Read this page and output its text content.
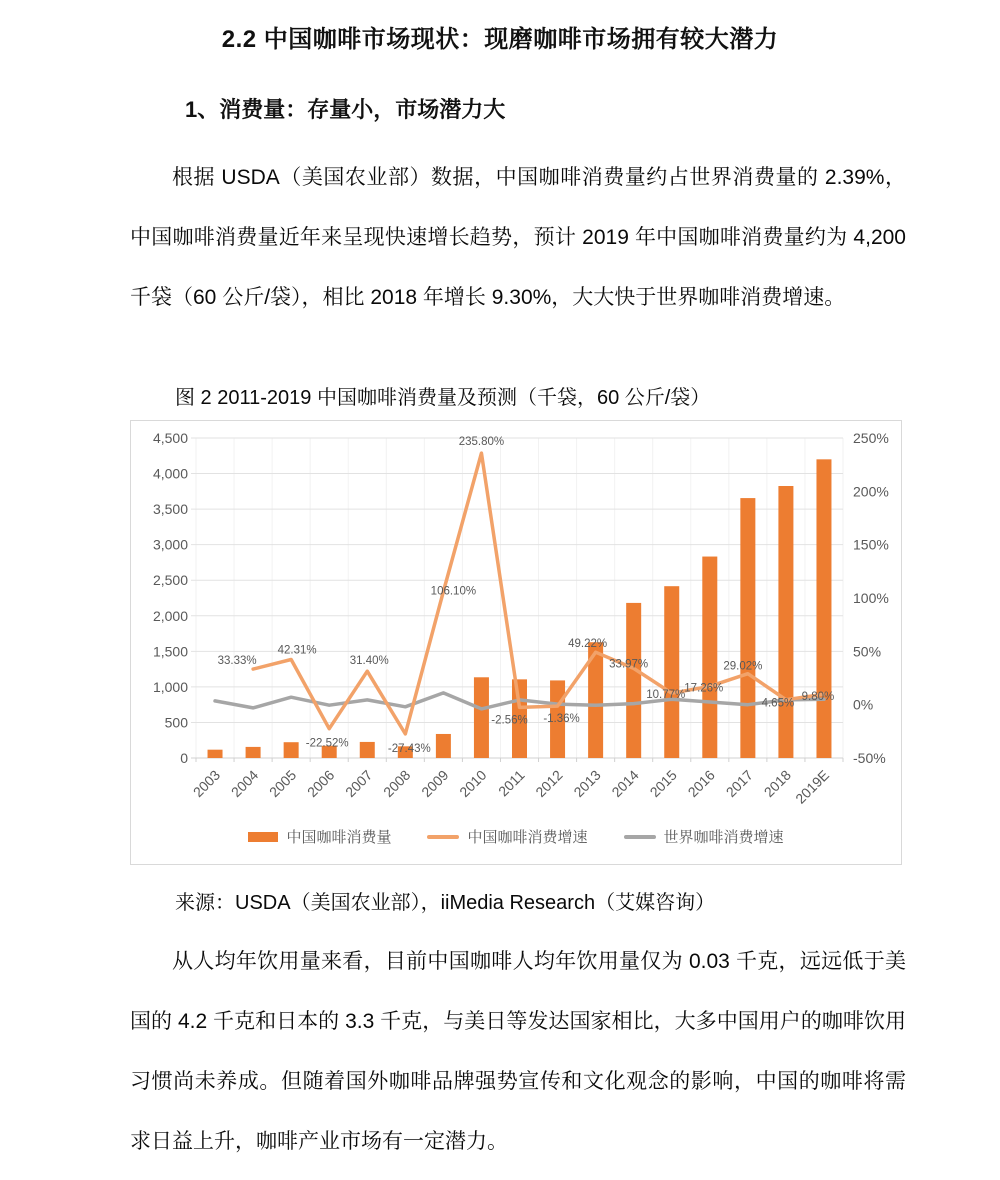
2.2 中国咖啡市场现状：现磨咖啡市场拥有较大潜力
1、消费量：存量小，市场潜力大

根据 USDA（美国农业部）数据，中国咖啡消费量约占世界消费量的 2.39%，中国咖啡消费量近年来呈现快速增长趋势，预计 2019 年中国咖啡消费量约为 4,200 千袋（60 公斤/袋），相比 2018 年增长 9.30%，大大快于世界咖啡消费增速。

图 2 2011-2019 中国咖啡消费量及预测（千袋，60 公斤/袋）
4,500
4,000
3,500
3,000
2,500
2,000
1,500
1,000
500
0
250%
200%
150%
100%
50%
0%
-50%
33.33%
42.31%
-22.52%
31.40%
-27.43%
106.10%
235.80%
-2.56% -1.36%
49.22%
33.97%
10.77%
17.26%
29.02%
4.65%
9.80%
2003 2004 2005 2006 2007 2008 2009 2010 2011 2012 2013 2014 2015 2016 2017 2018
2019E
中国咖啡消费量	中国咖啡消费增速	世界咖啡消费增速
来源：USDA（美国农业部），iiMedia Research（艾媒咨询）

从人均年饮用量来看，目前中国咖啡人均年饮用量仅为 0.03 千克，远远低于美国的 4.2 千克和日本的 3.3 千克，与美日等发达国家相比，大多中国用户的咖啡饮用习惯尚未养成。但随着国外咖啡品牌强势宣传和文化观念的影响，中国的咖啡将需求日益上升，咖啡产业市场有一定潜力。
